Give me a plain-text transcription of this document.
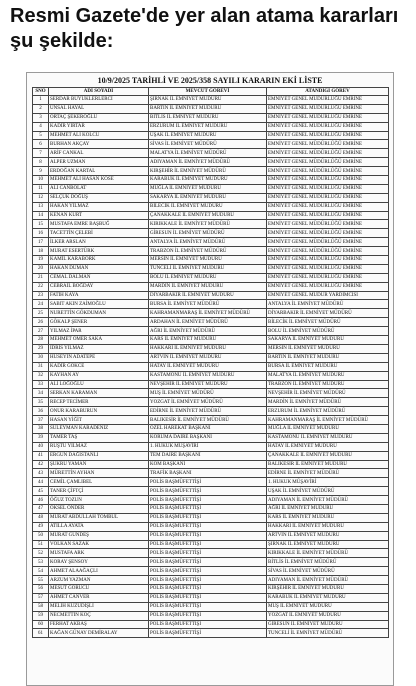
Resmi Gazete'de yer alan atama kararları şu şekilde:
10/9/2025 TARİHLİ VE 2025/358 SAYILI KARARIN EKİ LİSTE
SNO	ADI SOYADI	MEVCUT GÖREVİ	ATANDIĞI GÖREV
1	SERDAR BÜYÜKLERLERCİ	ŞIRNAK İL EMNİYET MÜDÜRÜ	EMNİYET GENEL MÜDÜRLÜĞÜ EMRİNE
2	UNSAL HAYAL	BARTIN İL EMNİYET MÜDÜRÜ	EMNİYET GENEL MÜDÜRLÜĞÜ EMRİNE
3	ORTAÇ ŞEKEROĞLU	BİTLİS İL EMNİYET MÜDÜRÜ	EMNİYET GENEL MÜDÜRLÜĞÜ EMRİNE
4	KADİR YIRTAR	ERZURUM İL EMNİYET MÜDÜRÜ	EMNİYET GENEL MÜDÜRLÜĞÜ EMRİNE
5	MEHMET ALİ KOLCU	UŞAK İL EMNİYET MÜDÜRÜ	EMNİYET GENEL MÜDÜRLÜĞÜ EMRİNE
6	BURHAN AKÇAY	SİVAS İL EMNİYET MÜDÜRÜ	EMNİYET GENEL MÜDÜRLÜĞÜ EMRİNE
7	ARİF CANKAL	MALATYA İL EMNİYET MÜDÜRÜ	EMNİYET GENEL MÜDÜRLÜĞÜ EMRİNE
8	ALPER UZMAN	ADIYAMAN İL EMNİYET MÜDÜRÜ	EMNİYET GENEL MÜDÜRLÜĞÜ EMRİNE
9	ERDOĞAN KARTAL	KIRŞEHİR İL EMNİYET MÜDÜRÜ	EMNİYET GENEL MÜDÜRLÜĞÜ EMRİNE
10	MEHMET ALİ HASAN KÖSE	KARABÜK İL EMNİYET MÜDÜRÜ	EMNİYET GENEL MÜDÜRLÜĞÜ EMRİNE
11	ALİ CANBOLAT	MUĞLA İL EMNİYET MÜDÜRÜ	EMNİYET GENEL MÜDÜRLÜĞÜ EMRİNE
12	SELÇUK DOĞUŞ	SAKARYA İL EMNİYET MÜDÜRÜ	EMNİYET GENEL MÜDÜRLÜĞÜ EMRİNE
13	HAKAN YILMAZ	BİLECİK İL EMNİYET MÜDÜRÜ	EMNİYET GENEL MÜDÜRLÜĞÜ EMRİNE
14	KENAN KURT	ÇANAKKALE İL EMNİYET MÜDÜRÜ	EMNİYET GENEL MÜDÜRLÜĞÜ EMRİNE
15	MUSTAFA EMRE BAŞBUĞ	KIRIKKALE İL EMNİYET MÜDÜRÜ	EMNİYET GENEL MÜDÜRLÜĞÜ EMRİNE
16	TACETTİN ÇELEBİ	GİRESUN İL EMNİYET MÜDÜRÜ	EMNİYET GENEL MÜDÜRLÜĞÜ EMRİNE
17	İLKER ARSLAN	ANTALYA İL EMNİYET MÜDÜRÜ	EMNİYET GENEL MÜDÜRLÜĞÜ EMRİNE
18	MURAT ESERTÜRK	TRABZON İL EMNİYET MÜDÜRÜ	EMNİYET GENEL MÜDÜRLÜĞÜ EMRİNE
19	KAMİL KARABÖRK	MERSİN İL EMNİYET MÜDÜRÜ	EMNİYET GENEL MÜDÜRLÜĞÜ EMRİNE
20	HAKAN DUMAN	TUNCELİ İL EMNİYET MÜDÜRÜ	EMNİYET GENEL MÜDÜRLÜĞÜ EMRİNE
21	CEMAL DALMAN	BOLU İL EMNİYET MÜDÜRÜ	EMNİYET GENEL MÜDÜRLÜĞÜ EMRİNE
22	CEBRAİL BOĞDAY	MARDİN İL EMNİYET MÜDÜRÜ	EMNİYET GENEL MÜDÜRLÜĞÜ EMRİNE
23	FATİH KAYA	DİYARBAKIR İL EMNİYET MÜDÜRÜ	EMNİYET GENEL MÜDÜR YARDIMCISI
24	SABIT AKIN ZAİMOĞLU	BURSA İL EMNİYET MÜDÜRÜ	ANTALYA İL EMNİYET MÜDÜRÜ
25	NURETTİN GÖKDUMAN	KAHRAMANMARAŞ İL EMNİYET MÜDÜRÜ	DİYARBAKIR İL EMNİYET MÜDÜRÜ
26	GÖKALP ŞENER	ARDAHAN İL EMNİYET MÜDÜRÜ	BİLECİK İL EMNİYET MÜDÜRÜ
27	YILMAZ İPAR	AĞRI İL EMNİYET MÜDÜRÜ	BOLU İL EMNİYET MÜDÜRÜ
28	MEHMET ÖMER SAKA	KARS İL EMNİYET MÜDÜRÜ	SAKARYA İL EMNİYET MÜDÜRÜ
29	İDRİS YILMAZ	HAKKARİ İL EMNİYET MÜDÜRÜ	MERSİN İL EMNİYET MÜDÜRÜ
30	HÜSEYİN ADATEPE	ARTVİN İL EMNİYET MÜDÜRÜ	BARTIN İL EMNİYET MÜDÜRÜ
31	KADİR GÖKCE	HATAY İL EMNİYET MÜDÜRÜ	BURSA İL EMNİYET MÜDÜRÜ
32	KAYHAN AY	KASTAMONU İL EMNİYET MÜDÜRÜ	MALATYA İL EMNİYET MÜDÜRÜ
33	ALİ LOĞOĞLU	NEVŞEHİR İL EMNİYET MÜDÜRÜ	TRABZON İL EMNİYET MÜDÜRÜ
34	SERKAN KARAMAN	MUŞ İL EMNİYET MÜDÜRÜ	NEVŞEHİR İL EMNİYET MÜDÜRÜ
35	RECEP TECİMER	YOZGAT İL EMNİYET MÜDÜRÜ	MARDİN İL EMNİYET MÜDÜRÜ
36	ONUR KARABURUN	EDİRNE İL EMNİYET MÜDÜRÜ	ERZURUM İL EMNİYET MÜDÜRÜ
37	HASAN YİĞİT	BALIKESİR İL EMNİYET MÜDÜRÜ	KAHRAMANMARAŞ İL EMNİYET MÜDÜRÜ
38	SÜLEYMAN KARADENİZ	ÖZEL HAREKAT BAŞKANI	MUĞLA İL EMNİYET MÜDÜRÜ
39	TAMER TAŞ	KORUMA DAİRE BAŞKANI	KASTAMONU İL EMNİYET MÜDÜRÜ
40	RÜŞTÜ YILMAZ	1. HUKUK MÜŞAVİRİ	HATAY İL EMNİYET MÜDÜRÜ
41	ERGÜN DAĞISTANLI	TEM DAİRE BAŞKANI	ÇANAKKALE İL EMNİYET MÜDÜRÜ
42	ŞÜKRÜ YAMAN	KOM BAŞKANI	BALIKESİR İL EMNİYET MÜDÜRÜ
43	MÜRETTİN AYHAN	TRAFİK BAŞKANI	EDİRNE İL EMNİYET MÜDÜRÜ
44	CEMİL ÇAMLIBEL	POLİS BAŞMÜFETTİŞİ	1. HUKUK MÜŞAVİRİ
45	TANER ÇİFTÇİ	POLİS BAŞMÜFETTİŞİ	UŞAK İL EMNİYET MÜDÜRÜ
46	ÖĞUZ TOZUN	POLİS BAŞMÜFETTİŞİ	ADIYAMAN İL EMNİYET MÜDÜRÜ
47	ÖKSEL ÖNDER	POLİS BAŞMÜFETTİŞİ	AĞRI İL EMNİYET MÜDÜRÜ
48	MURAT ABDULLAH TOMBUL	POLİS BAŞMÜFETTİŞİ	KARS İL EMNİYET MÜDÜRÜ
49	ATİLLA AYATA	POLİS BAŞMÜFETTİŞİ	HAKKARİ İL EMNİYET MÜDÜRÜ
50	MURAT GÜNDEŞ	POLİS BAŞMÜFETTİŞİ	ARTVİN İL EMNİYET MÜDÜRÜ
51	VOLKAN SAZAK	POLİS BAŞMÜFETTİŞİ	ŞIRNAK İL EMNİYET MÜDÜRÜ
52	MUSTAFA ARK	POLİS BAŞMÜFETTİŞİ	KIRIKKALE İL EMNİYET MÜDÜRÜ
53	KORAY ŞENSOY	POLİS BAŞMÜFETTİŞİ	BİTLİS İL EMNİYET MÜDÜRÜ
54	AHMET ALAAĞAÇLI	POLİS BAŞMÜFETTİŞİ	SİVAS İL EMNİYET MÜDÜRÜ
55	ARZUM YAZMAN	POLİS BAŞMÜFETTİŞİ	ADIYAMAN İL EMNİYET MÜDÜRÜ
56	MESUT GÖRÜCÜ	POLİS BAŞMÜFETTİŞİ	KIRŞEHİR İL EMNİYET MÜDÜRÜ
57	AHMET CANVER	POLİS BAŞMÜFETTİŞİ	KARABÜK İL EMNİYET MÜDÜRÜ
58	MELİH KUZUDİŞLİ	POLİS BAŞMÜFETTİŞİ	MUŞ İL EMNİYET MÜDÜRÜ
59	NECMETTİN KOÇ	POLİS BAŞMÜFETTİŞİ	YOZGAT İL EMNİYET MÜDÜRÜ
60	FERHAT AKBAŞ	POLİS BAŞMÜFETTİŞİ	GİRESUN İL EMNİYET MÜDÜRÜ
61	KAĞAN GÜNAY DEMİRALAY	POLİS BAŞMÜFETTİŞİ	TUNCELİ İL EMNİYET MÜDÜRÜ
